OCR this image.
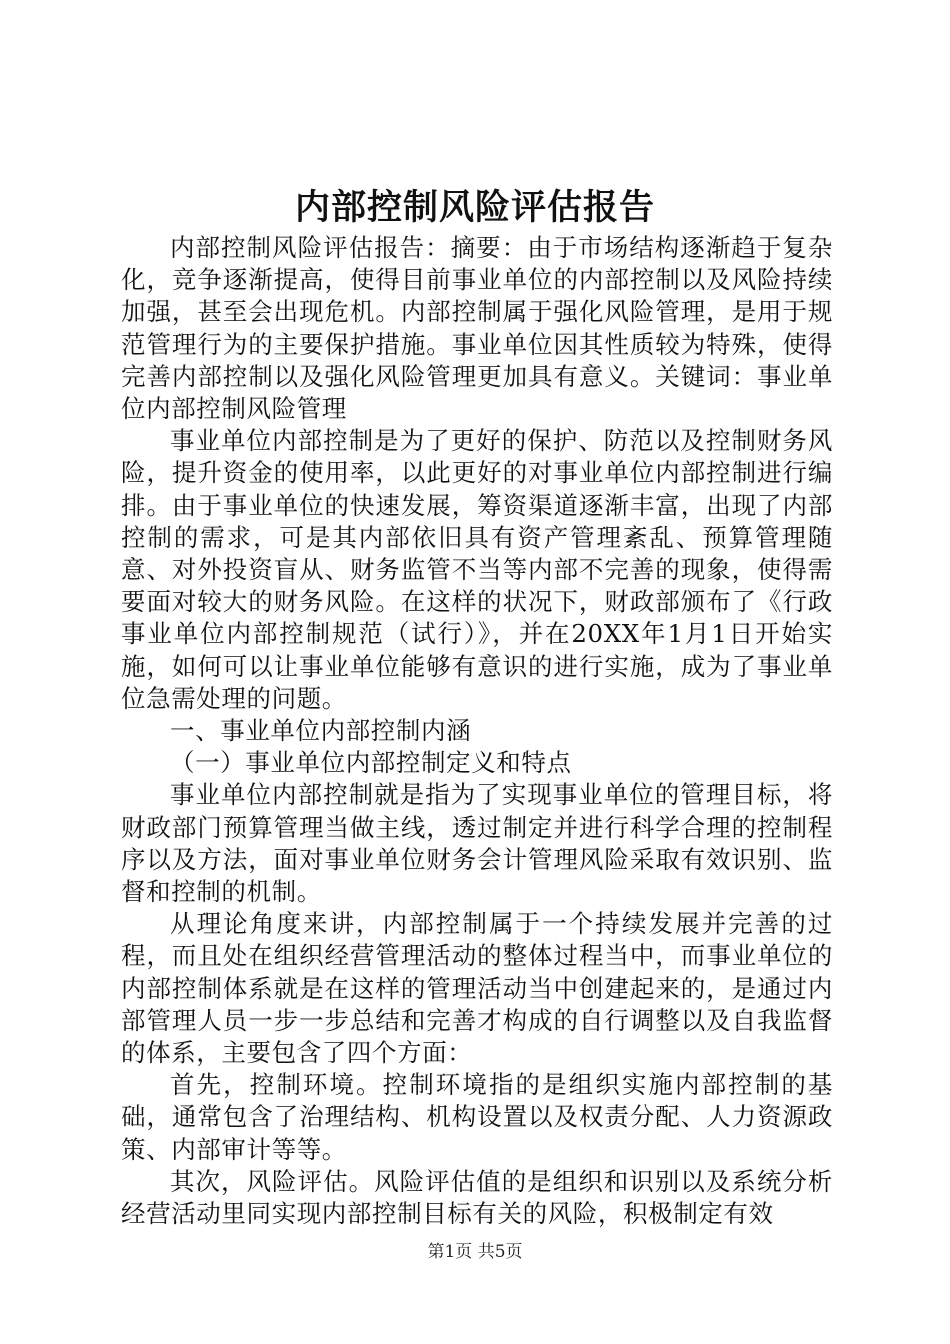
内部控制风险评估报告

内部控制风险评估报告：摘要：由于市场结构逐渐趋于复杂化，竞争逐渐提高，使得目前事业单位的内部控制以及风险持续加强，甚至会出现危机。内部控制属于强化风险管理，是用于规范管理行为的主要保护措施。事业单位因其性质较为特殊，使得完善内部控制以及强化风险管理更加具有意义。关键词：事业单位内部控制风险管理

事业单位内部控制是为了更好的保护、防范以及控制财务风险，提升资金的使用率，以此更好的对事业单位内部控制进行编排。由于事业单位的快速发展，筹资渠道逐渐丰富，出现了内部控制的需求，可是其内部依旧具有资产管理紊乱、预算管理随意、对外投资盲从、财务监管不当等内部不完善的现象，使得需要面对较大的财务风险。在这样的状况下，财政部颁布了《行政事业单位内部控制规范（试行）》，并在20XX年1月1日开始实施，如何可以让事业单位能够有意识的进行实施，成为了事业单位急需处理的问题。

一、事业单位内部控制内涵

（一）事业单位内部控制定义和特点

事业单位内部控制就是指为了实现事业单位的管理目标，将财政部门预算管理当做主线，透过制定并进行科学合理的控制程序以及方法，面对事业单位财务会计管理风险采取有效识别、监督和控制的机制。

从理论角度来讲，内部控制属于一个持续发展并完善的过程，而且处在组织经营管理活动的整体过程当中，而事业单位的内部控制体系就是在这样的管理活动当中创建起来的，是通过内部管理人员一步一步总结和完善才构成的自行调整以及自我监督的体系，主要包含了四个方面：

首先，控制环境。控制环境指的是组织实施内部控制的基础，通常包含了治理结构、机构设置以及权责分配、人力资源政策、内部审计等等。

其次，风险评估。风险评估值的是组织和识别以及系统分析经营活动里同实现内部控制目标有关的风险，积极制定有效

第1页 共5页
